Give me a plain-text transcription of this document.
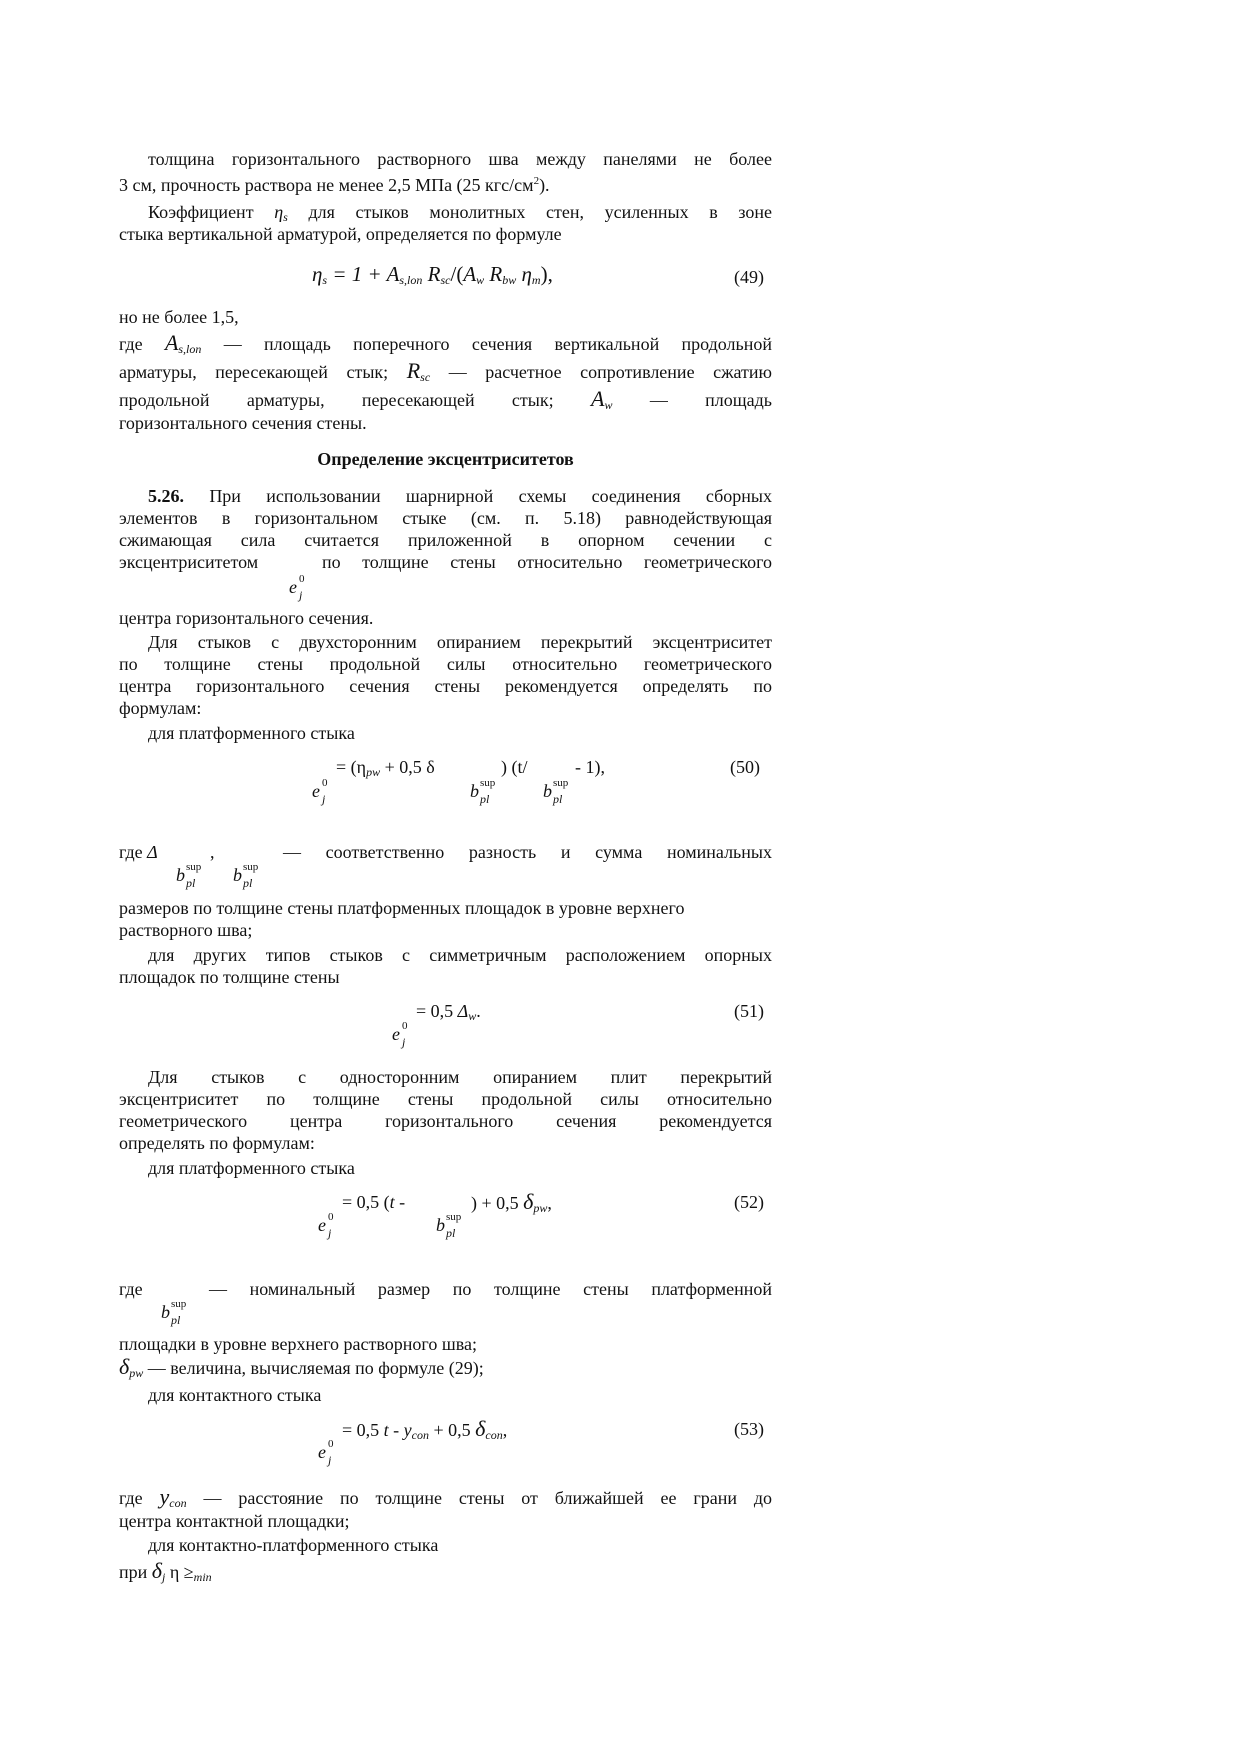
толщина горизонтального растворного шва между панелями не более

3 см, прочность раствора не менее 2,5 МПа (25 кгс/$см^2$).

Коэффициент $\eta_s$ для стыков монолитных стен, усиленных в зоне

стыка вертикальной арматурой, определяется по формуле
$\eta_s = 1 + A_{s,lon}$ $R_{sc}/(A_w$ $R_{bw}$ $\eta_m$),	(49)
но не более 1,5,

где $A_{s,lon}$ — площадь поперечного сечения вертикальной продольной

арматуры, пересекающей стык; $R_{sc}$ — расчетное сопротивление сжатию

продольной арматуры, пересекающей стык; $A_w$ — площадь

горизонтального сечения стены.
Определение эксцентриситетов

5.26. При использовании шарнирной схемы соединения сборных

элементов в горизонтальном стыке (см. п. 5.18) равнодействующая

сжимающая сила считается приложенной в опорном сечении с

эксцентриситетом	по толщине стены относительно геометрического

e 0
j
центра горизонтального сечения.

Для стыков с двухсторонним опиранием перекрытий эксцентриситет

по толщине стены продольной силы относительно геометрического

центра горизонтального сечения стены рекомендуется определять по

формулам:
для платформенного стыка
= ($\eta_{pw} + 0,5$ δ	) (t/	- 1),
e 0
j	b sup
pl	b sup
pl
(50)
где Δ	,	— соответственно разность и сумма номинальных

b sup
pl b sup
pl
размеров по толщине стены платформенных площадок в уровне верхнего
растворного шва;

для других типов стыков с симметричным расположением опорных

площадок по толщине стены
= 0,5 $\Delta_w$.
e 0
j
(51)

Для стыков с односторонним опиранием плит перекрытий

эксцентриситет по толщине стены продольной силы относительно

геометрического центра горизонтального сечения рекомендуется

определять по формулам:
для платформенного стыка
= 0,5 (t -	) + 0,5 $\delta_{pw}$,
e 0
j	b sup
pl
(52)
где	— номинальный размер по толщине стены платформенной

b sup
pl
площадки в уровне верхнего растворного шва;
$\delta_{pw}$ — величина, вычисляемая по формуле (29);
для контактного стыка
= 0,5 $t - y_{con} + 0,5$ $\delta_{con}$,
e 0
j
(53)

где $y_{con}$ — расстояние по толщине стены от ближайшей ее грани до

центра контактной площадки;
для контактно-платформенного стыка
при $\delta_j$ $\eta \ge_{min}$
